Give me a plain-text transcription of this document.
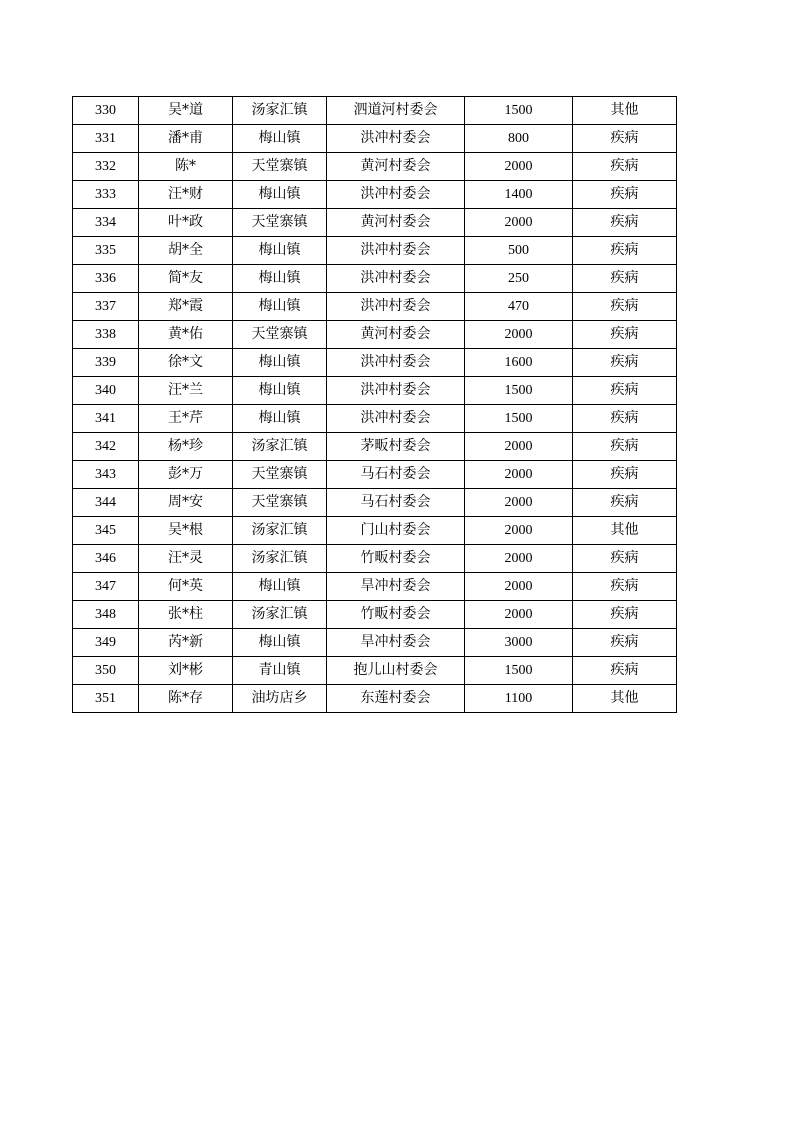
330	吴*道	汤家汇镇	泗道河村委会	1500	其他
331	潘*甫	梅山镇	洪冲村委会	800	疾病
332	陈*	天堂寨镇	黄河村委会	2000	疾病
333	汪*财	梅山镇	洪冲村委会	1400	疾病
334	叶*政	天堂寨镇	黄河村委会	2000	疾病
335	胡*全	梅山镇	洪冲村委会	500	疾病
336	简*友	梅山镇	洪冲村委会	250	疾病
337	郑*霞	梅山镇	洪冲村委会	470	疾病
338	黄*佑	天堂寨镇	黄河村委会	2000	疾病
339	徐*文	梅山镇	洪冲村委会	1600	疾病
340	汪*兰	梅山镇	洪冲村委会	1500	疾病
341	王*芹	梅山镇	洪冲村委会	1500	疾病
342	杨*珍	汤家汇镇	茅畈村委会	2000	疾病
343	彭*万	天堂寨镇	马石村委会	2000	疾病
344	周*安	天堂寨镇	马石村委会	2000	疾病
345	吴*根	汤家汇镇	门山村委会	2000	其他
346	汪*灵	汤家汇镇	竹畈村委会	2000	疾病
347	何*英	梅山镇	旱冲村委会	2000	疾病
348	张*柱	汤家汇镇	竹畈村委会	2000	疾病
349	芮*新	梅山镇	旱冲村委会	3000	疾病
350	刘*彬	青山镇	抱儿山村委会	1500	疾病
351	陈*存	油坊店乡	东莲村委会	1100	其他
